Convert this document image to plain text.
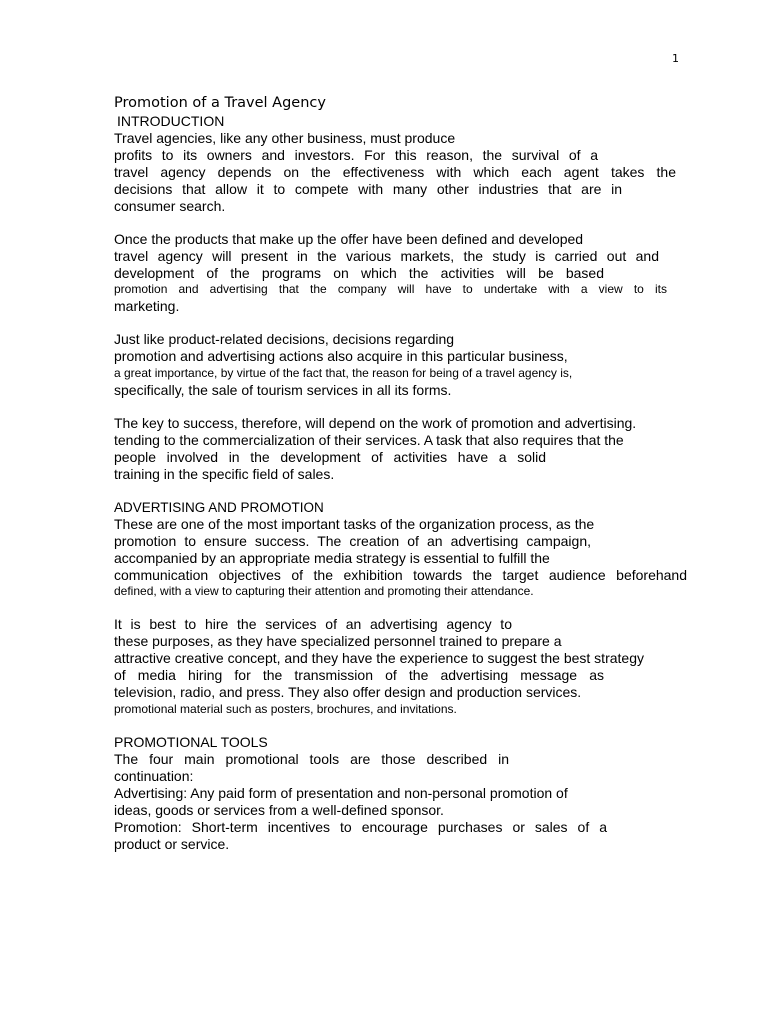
1
Promotion of a Travel Agency
INTRODUCTION
Travel agencies, like any other business, must produce
profits to its owners and investors. For this reason, the survival of a
travel agency depends on the effectiveness with which each agent takes the
decisions that allow it to compete with many other industries that are in
consumer search.
Once the products that make up the offer have been defined and developed
travel agency will present in the various markets, the study is carried out and
development of the programs on which the activities will be based
promotion and advertising that the company will have to undertake with a view to its
marketing.
Just like product-related decisions, decisions regarding
promotion and advertising actions also acquire in this particular business,
a great importance, by virtue of the fact that, the reason for being of a travel agency is,
specifically, the sale of tourism services in all its forms.
The key to success, therefore, will depend on the work of promotion and advertising.
tending to the commercialization of their services. A task that also requires that the
people involved in the development of activities have a solid
training in the specific field of sales.
ADVERTISING AND PROMOTION
These are one of the most important tasks of the organization process, as the
promotion to ensure success. The creation of an advertising campaign,
accompanied by an appropriate media strategy is essential to fulfill the
communication objectives of the exhibition towards the target audience beforehand
defined, with a view to capturing their attention and promoting their attendance.
It is best to hire the services of an advertising agency to
these purposes, as they have specialized personnel trained to prepare a
attractive creative concept, and they have the experience to suggest the best strategy
of media hiring for the transmission of the advertising message as
television, radio, and press. They also offer design and production services.
promotional material such as posters, brochures, and invitations.
PROMOTIONAL TOOLS
The four main promotional tools are those described in
continuation:
Advertising: Any paid form of presentation and non-personal promotion of
ideas, goods or services from a well-defined sponsor.
Promotion: Short-term incentives to encourage purchases or sales of a
product or service.
